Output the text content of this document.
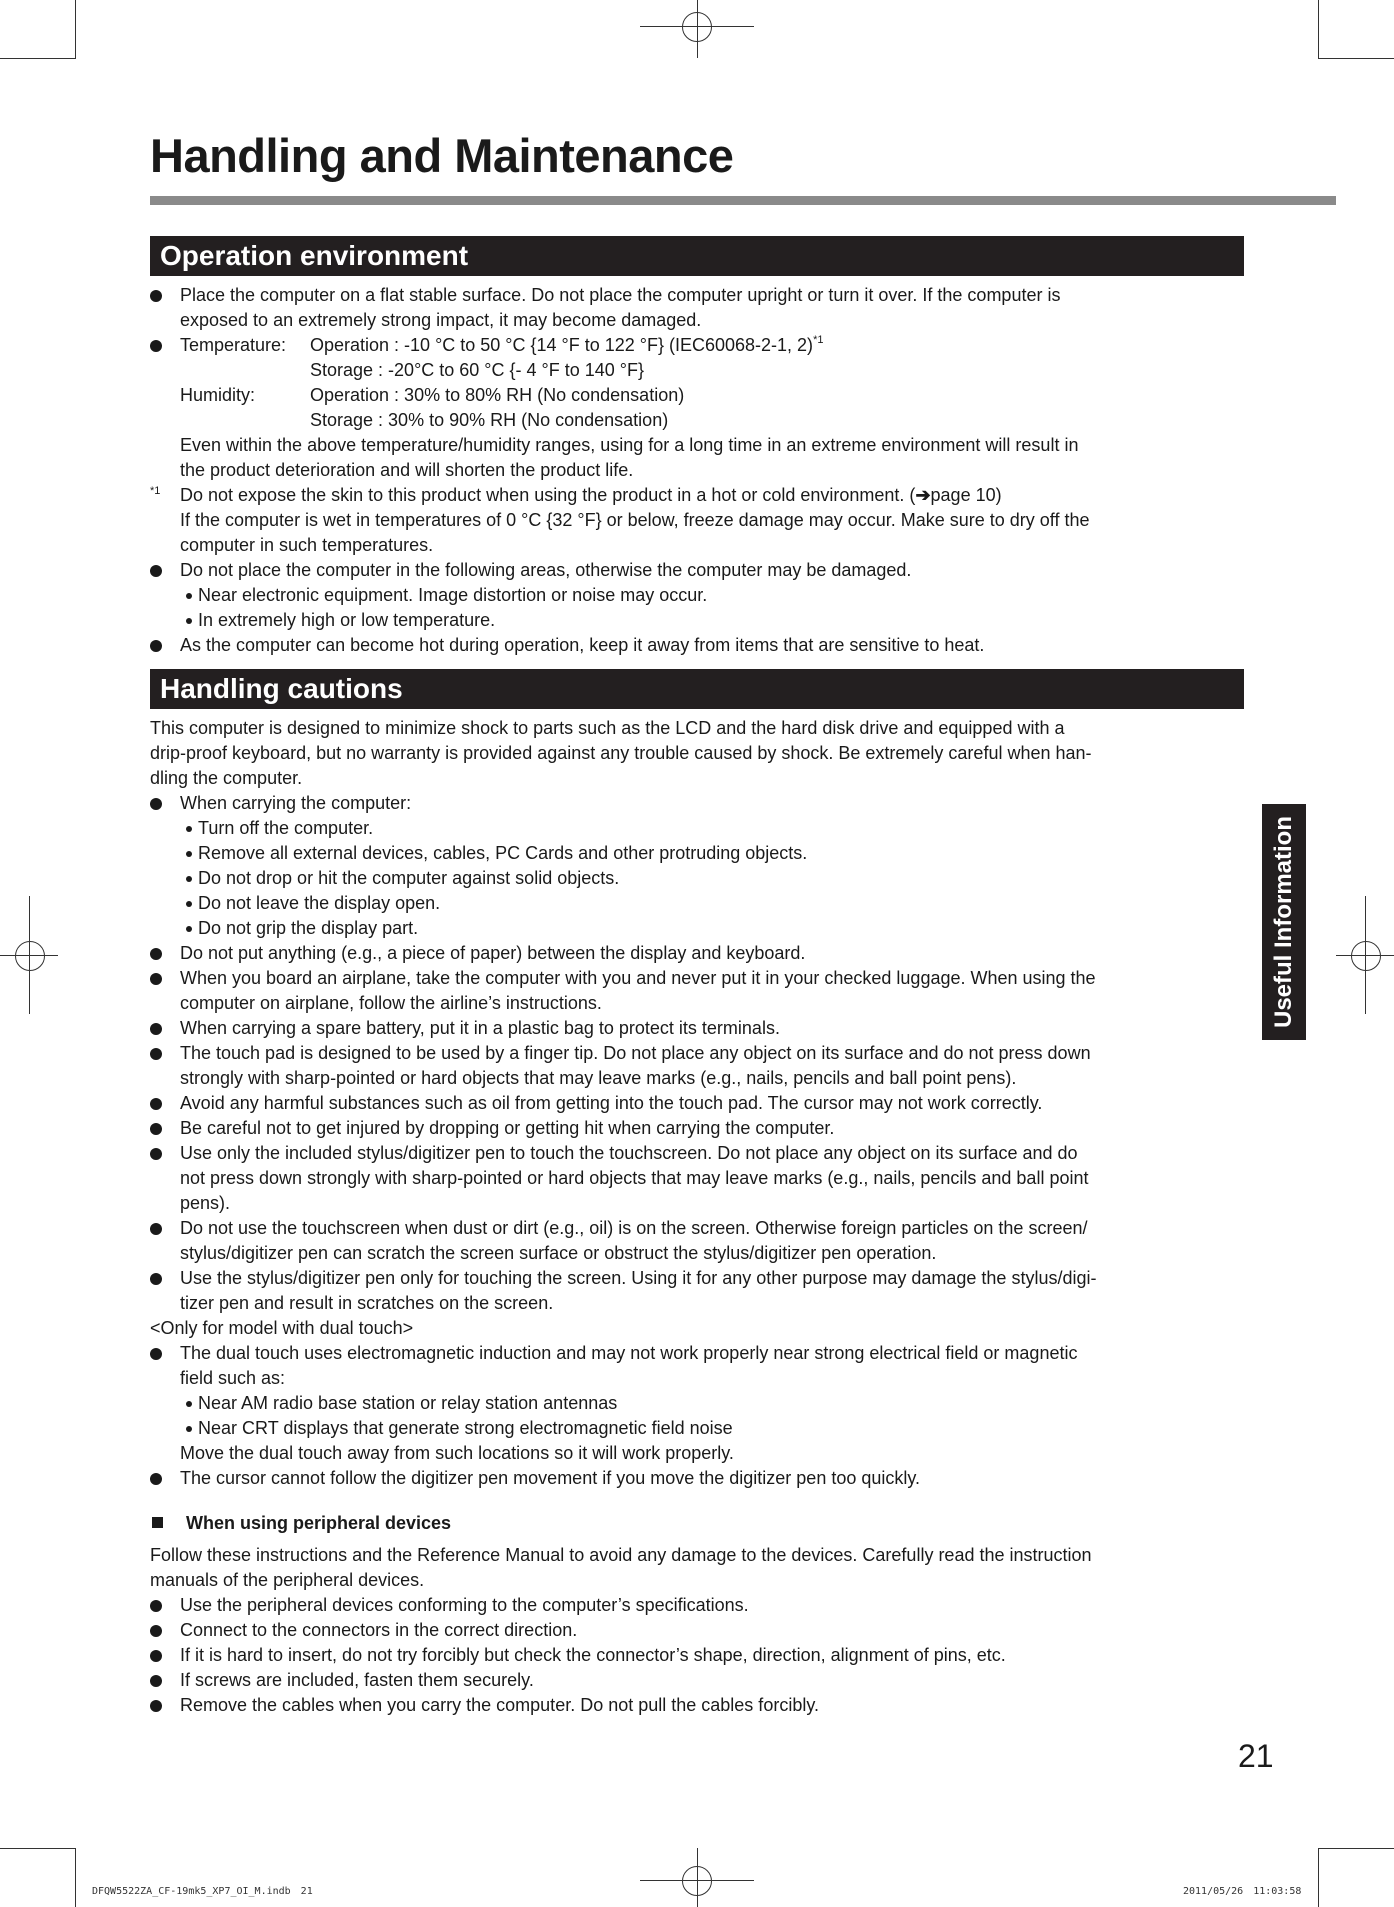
Handling and Maintenance
Useful Information
Operation environment
Place the computer on a flat stable surface. Do not place the computer upright or turn it over. If the computer is
exposed to an extremely strong impact, it may become damaged.
Temperature: Operation : -10 °C to 50 °C {14 °F to 122 °F} (IEC60068-2-1, 2)$^{*1}$
Storage : -20°C to 60 °C {- 4 °F to 140 °F}
Humidity:	Operation : 30% to 80% RH (No condensation)
Storage : 30% to 90% RH (No condensation)
Even within the above temperature/humidity ranges, using for a long time in an extreme environment will result in
the product deterioration and will shorten the product life.
*1 Do not expose the skin to this product when using the product in a hot or cold environment. (➔page 10)
If the computer is wet in temperatures of 0 °C {32 °F} or below, freeze damage may occur. Make sure to dry off the
computer in such temperatures.
Do not place the computer in the following areas, otherwise the computer may be damaged.
Near electronic equipment. Image distortion or noise may occur.
In extremely high or low temperature.
As the computer can become hot during operation, keep it away from items that are sensitive to heat.
Handling cautions
This computer is designed to minimize shock to parts such as the LCD and the hard disk drive and equipped with a
drip-proof keyboard, but no warranty is provided against any trouble caused by shock. Be extremely careful when han-
dling the computer.
When carrying the computer:
Turn off the computer.
Remove all external devices, cables, PC Cards and other protruding objects.
Do not drop or hit the computer against solid objects.
Do not leave the display open.
Do not grip the display part.
Do not put anything (e.g., a piece of paper) between the display and keyboard.
When you board an airplane, take the computer with you and never put it in your checked luggage. When using the
computer on airplane, follow the airline’s instructions.
When carrying a spare battery, put it in a plastic bag to protect its terminals.
The touch pad is designed to be used by a finger tip. Do not place any object on its surface and do not press down
strongly with sharp-pointed or hard objects that may leave marks (e.g., nails, pencils and ball point pens).
Avoid any harmful substances such as oil from getting into the touch pad. The cursor may not work correctly.
Be careful not to get injured by dropping or getting hit when carrying the computer.
Use only the included stylus/digitizer pen to touch the touchscreen. Do not place any object on its surface and do
not press down strongly with sharp-pointed or hard objects that may leave marks (e.g., nails, pencils and ball point
pens).
Do not use the touchscreen when dust or dirt (e.g., oil) is on the screen. Otherwise foreign particles on the screen/
stylus/digitizer pen can scratch the screen surface or obstruct the stylus/digitizer pen operation.
Use the stylus/digitizer pen only for touching the screen. Using it for any other purpose may damage the stylus/digi-
tizer pen and result in scratches on the screen.
<Only for model with dual touch>
The dual touch uses electromagnetic induction and may not work properly near strong electrical field or magnetic
field such as:
Near AM radio base station or relay station antennas
Near CRT displays that generate strong electromagnetic field noise
Move the dual touch away from such locations so it will work properly.
The cursor cannot follow the digitizer pen movement if you move the digitizer pen too quickly.
When using peripheral devices
Follow these instructions and the Reference Manual to avoid any damage to the devices. Carefully read the instruction
manuals of the peripheral devices.
Use the peripheral devices conforming to the computer’s specifications.
Connect to the connectors in the correct direction.
If it is hard to insert, do not try forcibly but check the connector’s shape, direction, alignment of pins, etc.
If screws are included, fasten them securely.
Remove the cables when you carry the computer. Do not pull the cables forcibly.
21
DFQW5522ZA_CF-19mk5_XP7_OI_M.indb　21	2011/05/26　11:03:58
